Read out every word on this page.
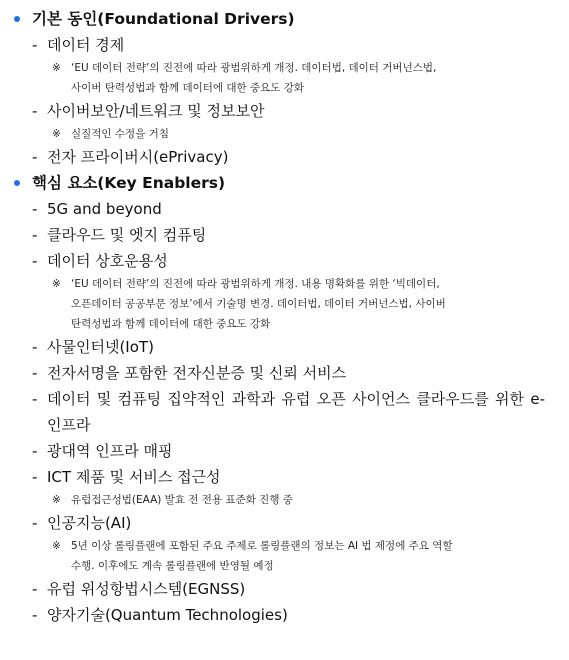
기본 동인(Foundational Drivers)
- 데이터 경제
※ ‘EU 데이터 전략’의 진전에 따라 광범위하게 개정. 데이터법, 데이터 거버넌스법,
사이버 탄력성법과 함께 데이터에 대한 중요도 강화
- 사이버보안/네트워크 및 정보보안
※ 실질적인 수정을 거침
- 전자 프라이버시(ePrivacy)
핵심 요소(Key Enablers)
- 5G and beyond
- 클라우드 및 엣지 컴퓨팅
- 데이터 상호운용성
※ ‘EU 데이터 전략’의 진전에 따라 광범위하게 개정. 내용 명확화를 위한 ‘빅데이터,
오픈데이터 공공부문 정보’에서 기술명 변경. 데이터법, 데이터 거버넌스법, 사이버
탄력성법과 함께 데이터에 대한 중요도 강화
- 사물인터넷(IoT)
- 전자서명을 포함한 전자신분증 및 신뢰 서비스
- 데이터 및 컴퓨팅 집약적인 과학과 유럽 오픈 사이언스 클라우드를 위한 e-인프라
- 광대역 인프라 매핑
- ICT 제품 및 서비스 접근성
※ 유럽접근성법(EAA) 발효 전 전용 표준화 진행 중
- 인공지능(AI)
※ 5년 이상 롤링플랜에 포함된 주요 주제로 롤링플랜의 정보는 AI 법 제정에 주요 역할
수행. 이후에도 계속 롤링플랜에 반영될 예정
- 유럽 위성항법시스템(EGNSS)
- 양자기술(Quantum Technologies)
